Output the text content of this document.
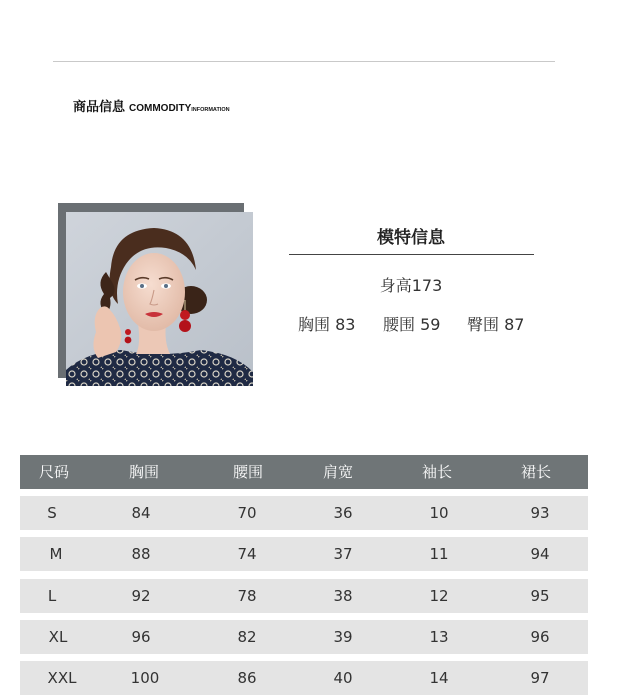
商品信息 COMMODITYINFORMATION
模特信息
身高173
胸围 83 腰围 59 臀围 87
尺码	胸围	腰围	肩宽	袖长	裙长
S	84	70	36	10	93
M	88	74	37	11	94
L	92	78	38	12	95
XL	96	82	39	13	96
XXL	100	86	40	14	97
